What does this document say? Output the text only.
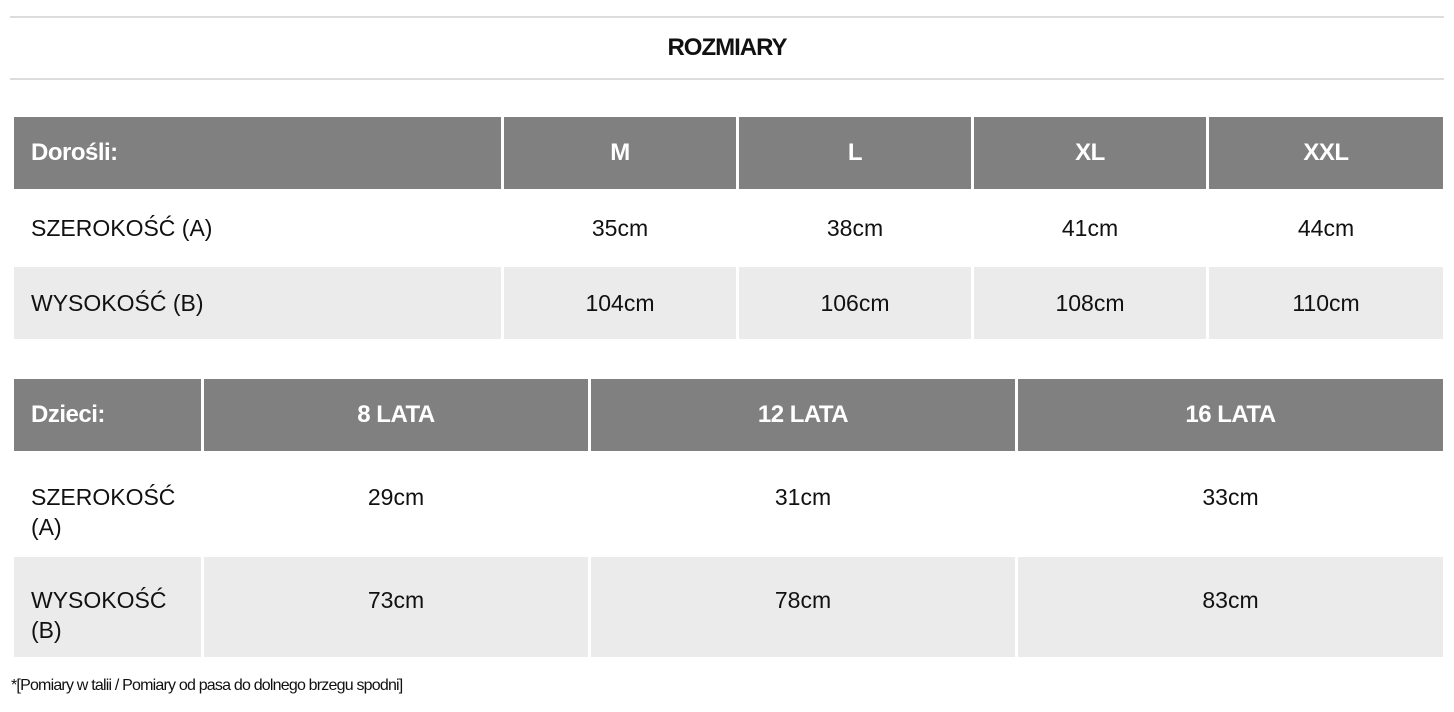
ROZMIARY
Dorośli:	M	L	XL	XXL
SZEROKOŚĆ (A)	35cm	38cm	41cm	44cm
WYSOKOŚĆ (B)	104cm	106cm	108cm	110cm
Dzieci:	8 LATA	12 LATA	16 LATA
SZEROKOŚĆ (A)	29cm	31cm	33cm
WYSOKOŚĆ (B)	73cm	78cm	83cm
*[Pomiary w talii / Pomiary od pasa do dolnego brzegu spodni]
